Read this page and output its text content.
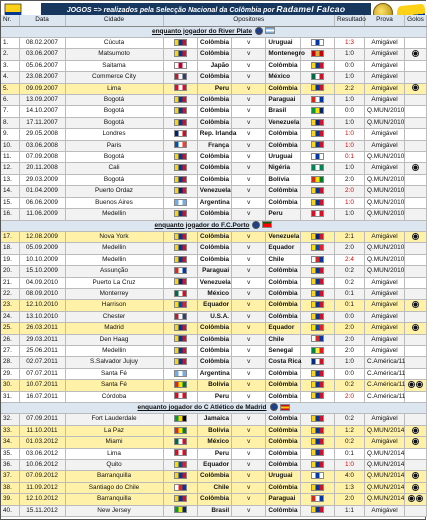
JOGOS => realizados pela Selecção Nacional da Colômbia por Radamel Falcao
Nr.	Data	Cidade	Opositores					Resultado	Prova	Golos
enquanto jogador do River Plate										
1.	08.02.2007	Cúcuta		Colômbia	v	Uruguai		1:3	Amigável	
2.	03.06.2007	Matsumoto		Colômbia	v	Montenegro		1:0	Amigável	
3.	05.06.2007	Saitama		Japão	v	Colômbia		0:0	Amigável	
4.	23.08.2007	Commerce City		Colômbia	v	México		1:0	Amigável	
5.	09.09.2007	Lima		Peru	v	Colômbia		2:2	Amigável	
6.	13.09.2007	Bogotá		Colômbia	v	Paraguai		1:0	Amigável	
7.	14.10.2007	Bogotá		Colômbia	v	Brasil		0:0	Q.MUN/2010	
8.	17.11.2007	Bogotá		Colômbia	v	Venezuela		1:0	Q.MUN/2010	
9.	29.05.2008	Londres		Rep. Irlanda	v	Colômbia		1:0	Amigável	
10.	03.06.2008	Paris		França	v	Colômbia		1:0	Amigável	
11.	07.09.2008	Bogotá		Colômbia	v	Uruguai		0:1	Q.MUN/2010	
12.	20.11.2008	Cali		Colômbia	v	Nigéria		1:0	Amigável	
13.	29.03.2009	Bogotá		Colômbia	v	Bolívia		2:0	Q.MUN/2010	
14.	01.04.2009	Puerto Ordaz		Venezuela	v	Colômbia		2:0	Q.MUN/2010	
15.	06.06.2009	Buenos Aires		Argentina	v	Colômbia		1:0	Q.MUN/2010	
16.	11.06.2009	Medellin		Colômbia	v	Peru		1:0	Q.MUN/2010	
enquanto jogador do F.C.Porto										
17.	12.08.2009	Nova York		Colômbia	v	Venezuela		2:1	Amigável	
18.	05.09.2009	Medellin		Colômbia	v	Equador		2:0	Q.MUN/2010	
19.	10.10.2009	Medellin		Colômbia	v	Chile		2:4	Q.MUN/2010	
20.	15.10.2009	Assunção		Paraguai	v	Colômbia		0:2	Q.MUN/2010	
21.	04.09.2010	Puerto La Cruz		Venezuela	v	Colômbia		0:2	Amigável	
22.	08.09.2010	Monterrey		México	v	Colômbia		0:1	Amigável	
23.	12.10.2010	Harrison		Equador	v	Colômbia		0:1	Amigável	
24.	13.10.2010	Chester		U.S.A.	v	Colômbia		0:0	Amigável	
25.	26.03.2011	Madrid		Colômbia	v	Equador		2:0	Amigável	
26.	29.03.2011	Den Haag		Colômbia	v	Chile		2:0	Amigável	
27.	25.06.2011	Medellin		Colômbia	v	Senegal		2:0	Amigável	
28.	02.07.2011	S.Salvador Jujuy		Colômbia	v	Costa Rica		1:0	C.América/11	
29.	07.07.2011	Santa Fé		Argentina	v	Colômbia		0:0	C.América/11	
30.	10.07.2011	Santa Fé		Bolívia	v	Colômbia		0:2	C.América/11	
31.	16.07.2011	Córdoba		Peru	v	Colômbia		2:0	C.América/11	
enquanto jogador do C Atlético de Madrid										
32.	07.09.2011	Fort Lauderdale		Jamaica	v	Colômbia		0:2	Amigável	
33.	11.10.2011	La Paz		Bolívia	v	Colômbia		1:2	Q.MUN/2014	
34.	01.03.2012	Miami		México	v	Colômbia		0:2	Amigável	
35.	03.06.2012	Lima		Peru	v	Colômbia		0:1	Q.MUN/2014	
36.	10.06.2012	Quito		Equador	v	Colômbia		1:0	Q.MUN/2014	
37.	07.09.2012	Barranquilla		Colômbia	v	Uruguai		4:0	Q.MUN/2014	
38.	11.09.2012	Santiago do Chile		Chile	v	Colômbia		1:3	Q.MUN/2014	
39.	12.10.2012	Barranquilla		Colômbia	v	Paraguai		2:0	Q.MUN/2014	
40.	15.11.2012	New Jersey		Brasil	v	Colômbia		1:1	Amigável	
